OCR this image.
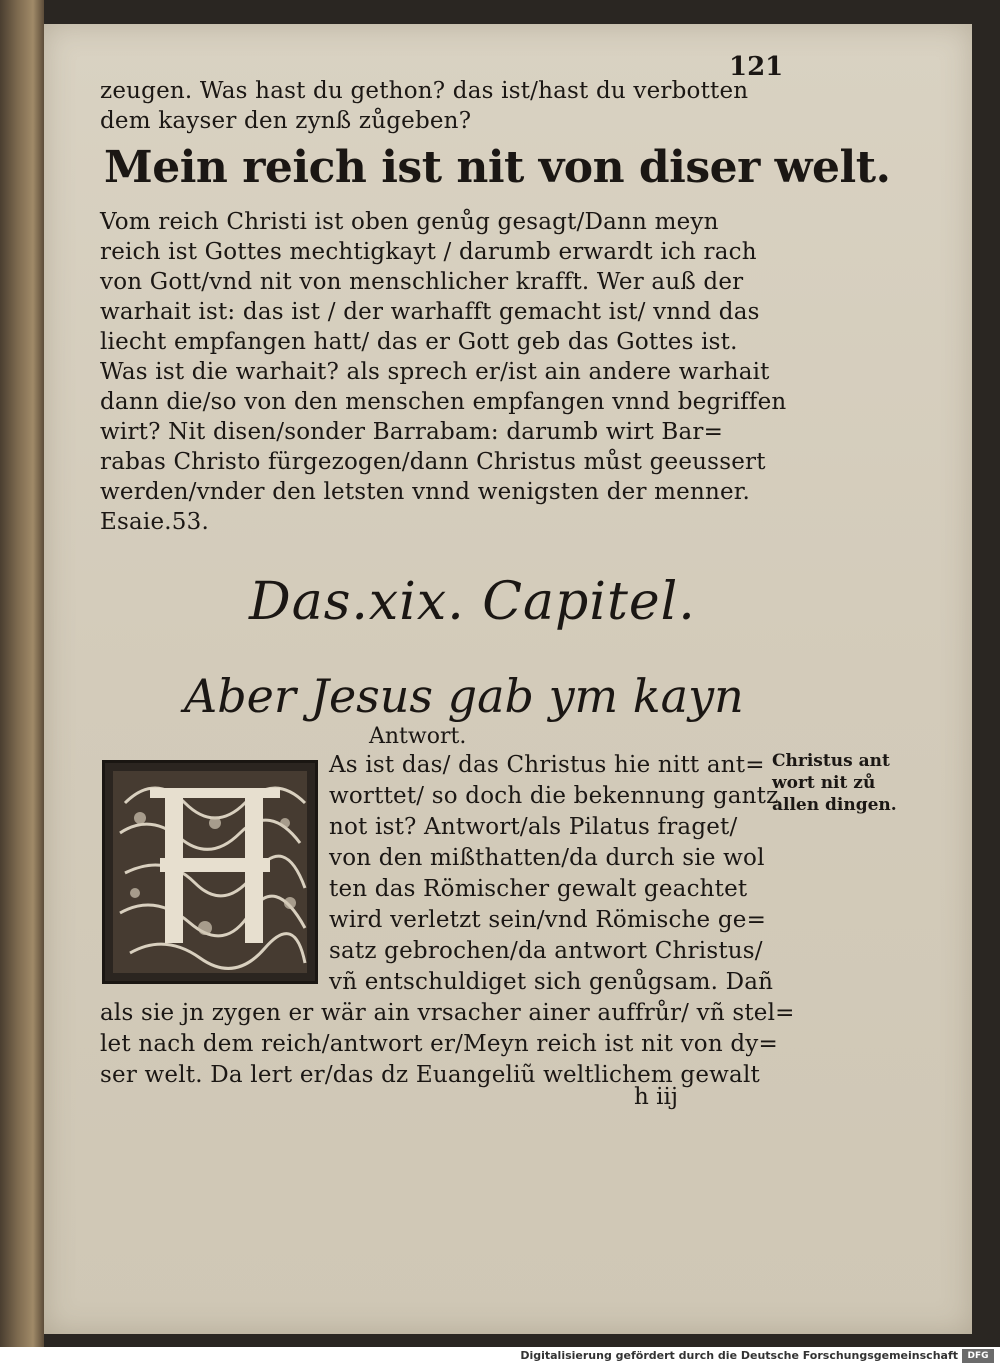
121
zeugen. Was hast du gethon? das ist/hast du verbotten
dem kayser den zynß zůgeben?
Mein reich ist nit von diser welt.
Vom reich Christi ist oben genůg gesagt/Dann meyn
reich ist Gottes mechtigkayt / darumb erwardt ich rach
von Gott/vnd nit von menschlicher krafft. Wer auß der
warhait ist: das ist / der warhafft gemacht ist/ vnnd das
liecht empfangen hatt/ das er Gott geb das Gottes ist.
Was ist die warhait? als sprech er/ist ain andere warhait
dann die/so von den menschen empfangen vnnd begriffen
wirt? Nit disen/sonder Barrabam: darumb wirt Bar=
rabas Christo fürgezogen/dann Christus můst geeussert
werden/vnder den letsten vnnd wenigsten der menner.
Esaie.53.
Das.xix. Capitel.
Aber Jesus gab ym kayn
Antwort.
As ist das/ das Christus hie nitt ant=
worttet/ so doch die bekennung gantz
not ist? Antwort/als Pilatus fraget/
von den mißthatten/da durch sie wol
ten das Römischer gewalt geachtet
wird verletzt sein/vnd Römische ge=
satz gebrochen/da antwort Christus/
vñ entschuldiget sich genůgsam. Dañ
als sie jn zygen er wär ain vrsacher ainer auffrůr/ vñ stel=
let nach dem reich/antwort er/Meyn reich ist nit von dy=
ser welt. Da lert er/das dz Euangeliũ weltlichem gewalt
h iij
Christus ant
wort nit zů
allen dingen.
Digitalisierung gefördert durch die Deutsche Forschungsgemeinschaft	DFG
